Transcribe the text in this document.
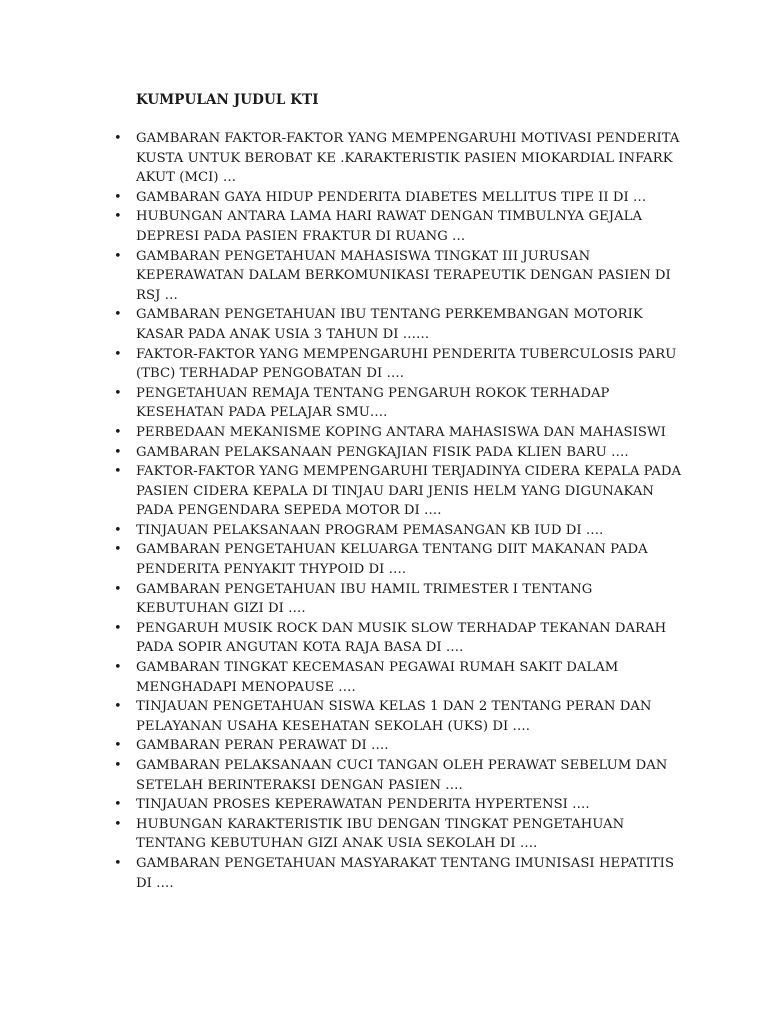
KUMPULAN JUDUL KTI
• GAMBARAN FAKTOR-FAKTOR YANG MEMPENGARUHI MOTIVASI PENDERITA KUSTA UNTUK BEROBAT KE .KARAKTERISTIK PASIEN MIOKARDIAL INFARK AKUT (MCI) …
• GAMBARAN GAYA HIDUP PENDERITA DIABETES MELLITUS TIPE II DI …
• HUBUNGAN ANTARA LAMA HARI RAWAT DENGAN TIMBULNYA GEJALA DEPRESI PADA PASIEN FRAKTUR DI RUANG …
• GAMBARAN PENGETAHUAN MAHASISWA TINGKAT III JURUSAN KEPERAWATAN DALAM BERKOMUNIKASI TERAPEUTIK DENGAN PASIEN DI RSJ …
• GAMBARAN PENGETAHUAN IBU TENTANG PERKEMBANGAN MOTORIK KASAR PADA ANAK USIA 3 TAHUN DI ……
• FAKTOR-FAKTOR YANG MEMPENGARUHI PENDERITA TUBERCULOSIS PARU (TBC) TERHADAP PENGOBATAN DI ….
• PENGETAHUAN REMAJA TENTANG PENGARUH ROKOK TERHADAP KESEHATAN PADA PELAJAR SMU….
• PERBEDAAN MEKANISME KOPING ANTARA MAHASISWA DAN MAHASISWI
• GAMBARAN PELAKSANAAN PENGKAJIAN FISIK PADA KLIEN BARU ….
• FAKTOR-FAKTOR YANG MEMPENGARUHI TERJADINYA CIDERA KEPALA PADA PASIEN CIDERA KEPALA DI TINJAU DARI JENIS HELM YANG DIGUNAKAN PADA PENGENDARA SEPEDA MOTOR DI ….
• TINJAUAN PELAKSANAAN PROGRAM PEMASANGAN KB IUD DI ….
• GAMBARAN PENGETAHUAN KELUARGA TENTANG DIIT MAKANAN PADA PENDERITA PENYAKIT THYPOID DI ….
• GAMBARAN PENGETAHUAN IBU HAMIL TRIMESTER I TENTANG KEBUTUHAN GIZI DI ….
• PENGARUH MUSIK ROCK DAN MUSIK SLOW TERHADAP TEKANAN DARAH PADA SOPIR ANGUTAN KOTA RAJA BASA DI ….
• GAMBARAN TINGKAT KECEMASAN PEGAWAI RUMAH SAKIT DALAM MENGHADAPI MENOPAUSE ….
• TINJAUAN PENGETAHUAN SISWA KELAS 1 DAN 2 TENTANG PERAN DAN PELAYANAN USAHA KESEHATAN SEKOLAH (UKS) DI ….
• GAMBARAN PERAN PERAWAT DI ….
• GAMBARAN PELAKSANAAN CUCI TANGAN OLEH PERAWAT SEBELUM DAN SETELAH BERINTERAKSI DENGAN PASIEN ….
• TINJAUAN PROSES KEPERAWATAN PENDERITA HYPERTENSI ….
• HUBUNGAN KARAKTERISTIK IBU DENGAN TINGKAT PENGETAHUAN TENTANG KEBUTUHAN GIZI ANAK USIA SEKOLAH DI ….
• GAMBARAN PENGETAHUAN MASYARAKAT TENTANG IMUNISASI HEPATITIS DI ….
